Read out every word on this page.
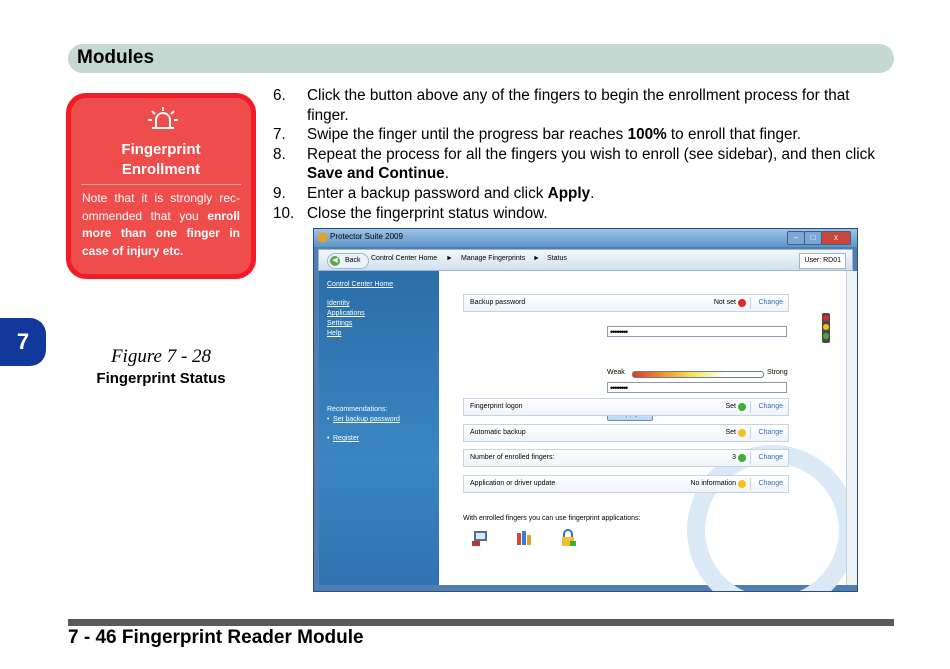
Modules
7
Fingerprint Enrollment
Note that it is strongly rec-ommended that you enroll more than one finger in case of injury etc.
Figure 7 - 28
Fingerprint Status
6. Click the button above any of the fingers to begin the enrollment process for that finger.
7. Swipe the finger until the progress bar reaches 100% to enroll that finger.
8. Repeat the process for all the fingers you wish to enroll (see sidebar), and then click Save and Continue.
9. Enter a backup password and click Apply.
10. Close the fingerprint status window.
Protector Suite 2009	–	□	x
◀	Back Control Center Home ► Manage Fingerprints ► Status	User: RD01
Control Center Home
Identity
Applications
Settings
Help
Recommendations:
• Set backup password
• Register
Backup password	Not set	Change
••••••••
Weak	Strong
••••••••
Fingerprint logon	Set	Change
Automatic backup	Set	Change
Number of enrolled fingers:	3	Change
Application or driver update	No information	Change
With enrolled fingers you can use fingerprint applications:
7 - 46 Fingerprint Reader Module
